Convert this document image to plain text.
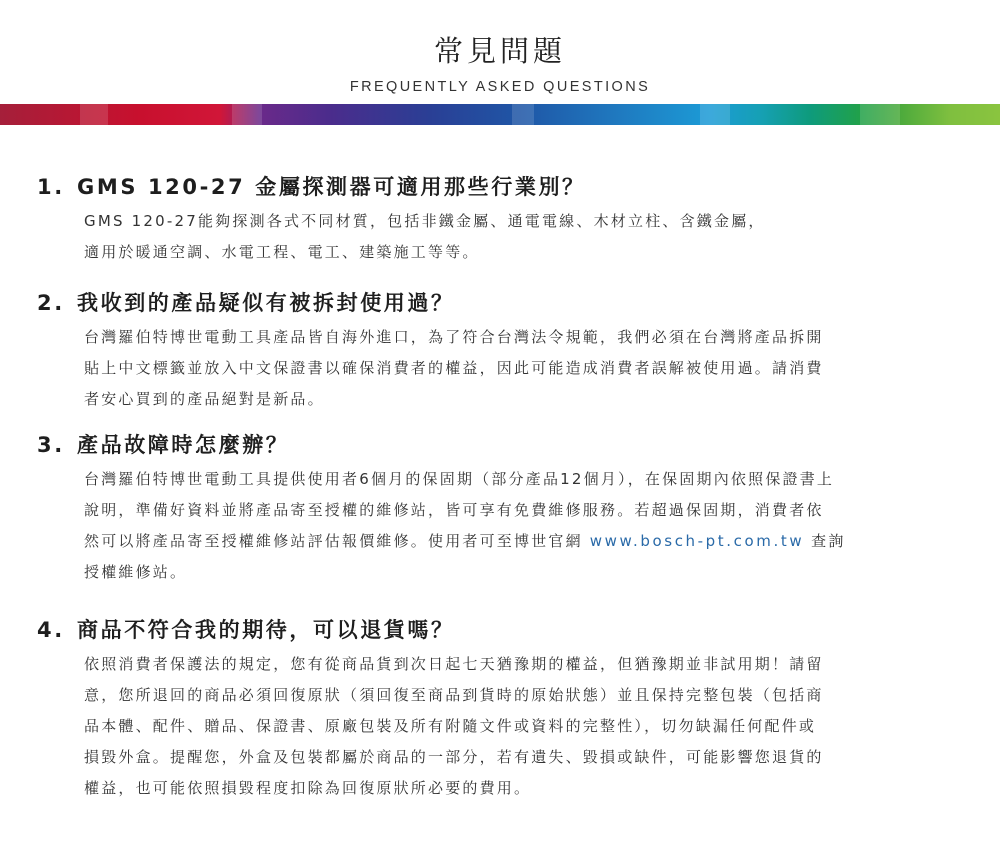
常見問題
FREQUENTLY ASKED QUESTIONS
1. GMS 120-27 金屬探測器可適用那些行業別？
GMS 120-27能夠探測各式不同材質，包括非鐵金屬、通電電線、木材立柱、含鐵金屬，
適用於暖通空調、水電工程、電工、建築施工等等。
2. 我收到的產品疑似有被拆封使用過？
台灣羅伯特博世電動工具產品皆自海外進口，為了符合台灣法令規範，我們必須在台灣將產品拆開
貼上中文標籤並放入中文保證書以確保消費者的權益，因此可能造成消費者誤解被使用過。請消費
者安心買到的產品絕對是新品。
3. 產品故障時怎麼辦？
台灣羅伯特博世電動工具提供使用者6個月的保固期（部分產品12個月），在保固期內依照保證書上
說明，準備好資料並將產品寄至授權的維修站，皆可享有免費維修服務。若超過保固期，消費者依
然可以將產品寄至授權維修站評估報價維修。使用者可至博世官網 www.bosch-pt.com.tw 查詢
授權維修站。
4. 商品不符合我的期待，可以退貨嗎？
依照消費者保護法的規定，您有從商品貨到次日起七天猶豫期的權益，但猶豫期並非試用期！請留
意，您所退回的商品必須回復原狀（須回復至商品到貨時的原始狀態）並且保持完整包裝（包括商
品本體、配件、贈品、保證書、原廠包裝及所有附隨文件或資料的完整性），切勿缺漏任何配件或
損毀外盒。提醒您，外盒及包裝都屬於商品的一部分，若有遺失、毀損或缺件，可能影響您退貨的
權益，也可能依照損毀程度扣除為回復原狀所必要的費用。
